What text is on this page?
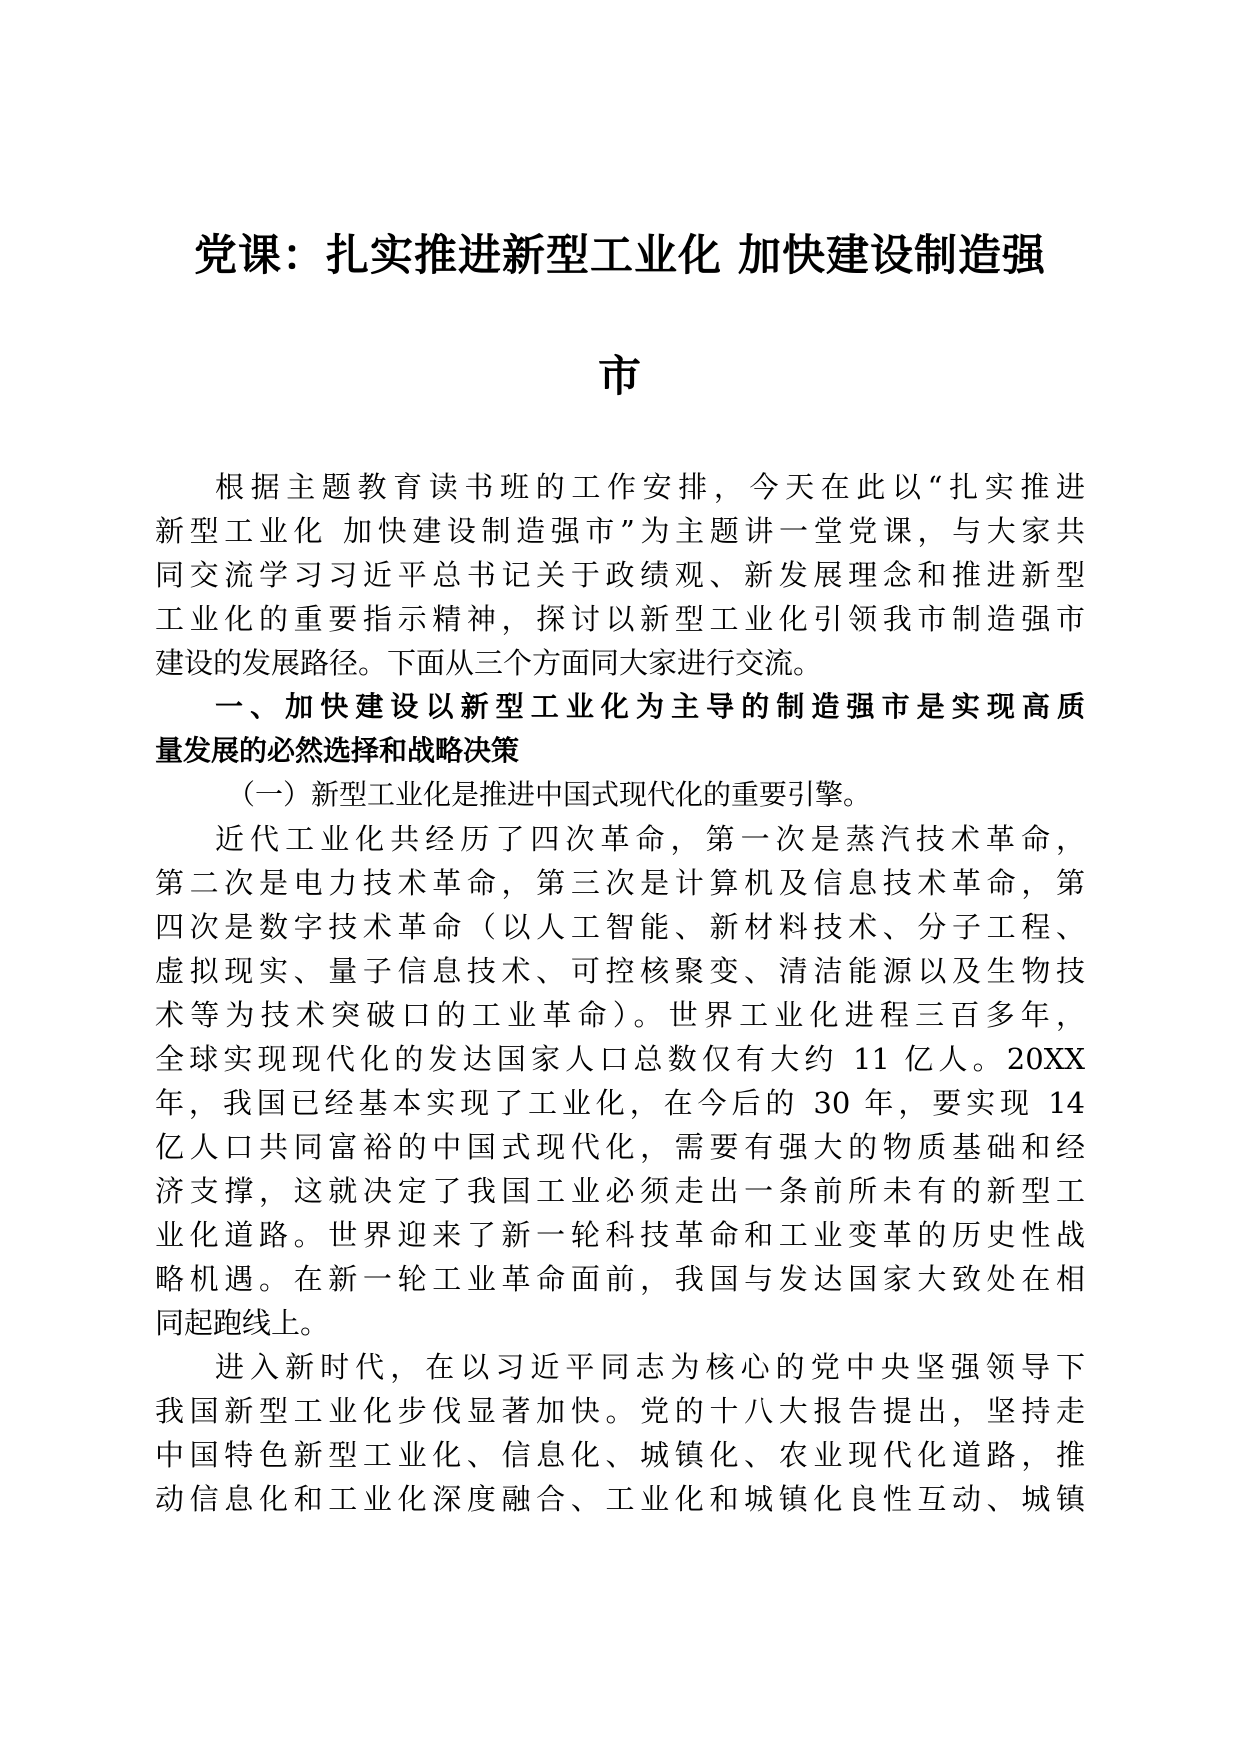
党课：扎实推进新型工业化 加快建设制造强
市
根据主题教育读书班的工作安排，今天在此以“扎实推进
新型工业化 加快建设制造强市”为主题讲一堂党课，与大家共
同交流学习习近平总书记关于政绩观、新发展理念和推进新型
工业化的重要指示精神，探讨以新型工业化引领我市制造强市
建设的发展路径。下面从三个方面同大家进行交流。
一、加快建设以新型工业化为主导的制造强市是实现高质
量发展的必然选择和战略决策
（一）新型工业化是推进中国式现代化的重要引擎。
近代工业化共经历了四次革命，第一次是蒸汽技术革命，
第二次是电力技术革命，第三次是计算机及信息技术革命，第
四次是数字技术革命（以人工智能、新材料技术、分子工程、
虚拟现实、量子信息技术、可控核聚变、清洁能源以及生物技
术等为技术突破口的工业革命）。世界工业化进程三百多年，
全球实现现代化的发达国家人口总数仅有大约 11 亿人。20XX
年，我国已经基本实现了工业化，在今后的 30 年，要实现 14
亿人口共同富裕的中国式现代化，需要有强大的物质基础和经
济支撑，这就决定了我国工业必须走出一条前所未有的新型工
业化道路。世界迎来了新一轮科技革命和工业变革的历史性战
略机遇。在新一轮工业革命面前，我国与发达国家大致处在相
同起跑线上。
进入新时代，在以习近平同志为核心的党中央坚强领导下
我国新型工业化步伐显著加快。党的十八大报告提出，坚持走
中国特色新型工业化、信息化、城镇化、农业现代化道路，推
动信息化和工业化深度融合、工业化和城镇化良性互动、城镇
